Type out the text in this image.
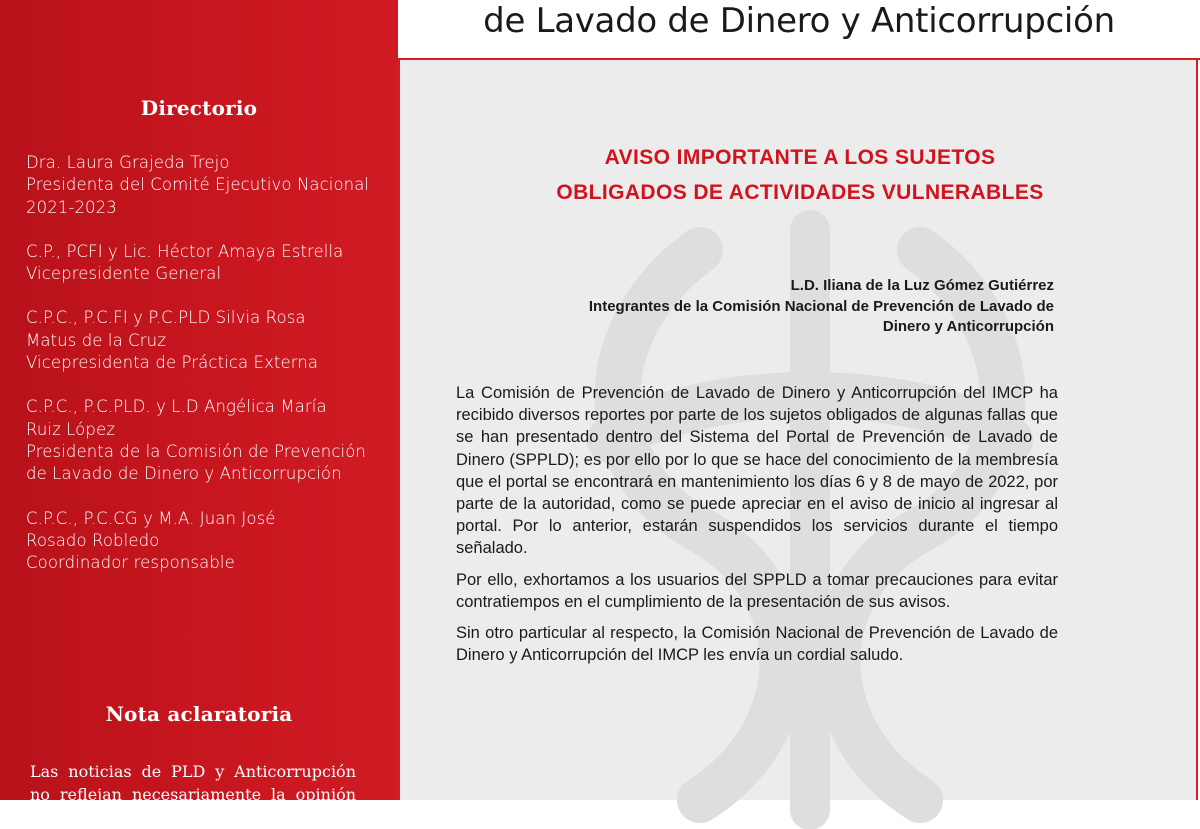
Directorio
Dra. Laura Grajeda Trejo
Presidenta del Comité Ejecutivo Nacional
2021-2023
C.P., PCFI y Lic. Héctor Amaya Estrella
Vicepresidente General
C.P.C., P.C.FI y P.C.PLD Silvia Rosa
Matus de la Cruz
Vicepresidenta de Práctica Externa
C.P.C., P.C.PLD. y L.D Angélica María
Ruiz López
Presidenta de la Comisión de Prevención
de Lavado de Dinero y Anticorrupción
C.P.C., P.C.CG y M.A. Juan José
Rosado Robledo
Coordinador responsable
Nota aclaratoria
Las noticias de PLD y Anticorrupción no reflejan necesariamente la opinión del
de Lavado de Dinero y Anticorrupción
AVISO IMPORTANTE A LOS SUJETOS
OBLIGADOS DE ACTIVIDADES VULNERABLES
L.D. Iliana de la Luz Gómez Gutiérrez
Integrantes de la Comisión Nacional de Prevención de Lavado de
Dinero y Anticorrupción

La Comisión de Prevención de Lavado de Dinero y Anticorrupción del IMCP ha recibido diversos reportes por parte de los sujetos obligados de algunas fallas que se han presentado dentro del Sistema del Portal de Prevención de Lavado de Dinero (SPPLD); es por ello por lo que se hace del conocimiento de la membresía que el portal se encontrará en mantenimiento los días 6 y 8 de mayo de 2022, por parte de la autoridad, como se puede apreciar en el aviso de inicio al ingresar al portal. Por lo anterior, estarán suspendidos los servicios durante el tiempo señalado.

Por ello, exhortamos a los usuarios del SPPLD a tomar precauciones para evitar contratiempos en el cumplimiento de la presentación de sus avisos.

Sin otro particular al respecto, la Comisión Nacional de Prevención de Lavado de Dinero y Anticorrupción del IMCP les envía un cordial saludo.
